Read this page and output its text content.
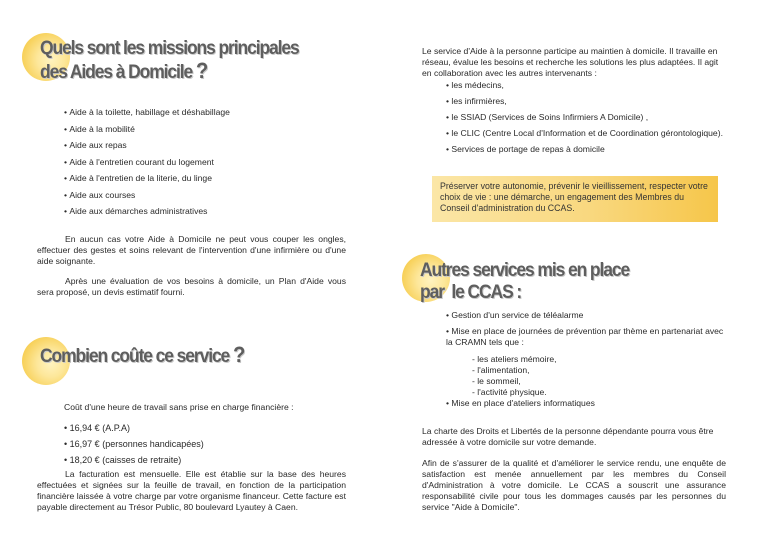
Quels sont les missions principales
des Aides à Domicile ?
• Aide à la toilette, habillage et déshabillage
• Aide à la mobilité
• Aide aux repas
• Aide à l'entretien courant du logement
• Aide à l'entretien de la literie, du linge
• Aide aux courses
• Aide aux démarches administratives

En aucun cas votre Aide à Domicile ne peut vous couper les ongles, effectuer des gestes et soins relevant de l'intervention d'une infirmière ou d'une aide soignante.

Après une évaluation de vos besoins à domicile, un Plan d'Aide vous sera proposé, un devis estimatif fourni.

Combien coûte ce service ?

Coût d'une heure de travail sans prise en charge financière :

• 16,94 € (A.P.A)
• 16,97 € (personnes handicapées)
• 18,20 € (caisses de retraite)

La facturation est mensuelle. Elle est établie sur la base des heures effectuées et signées sur la feuille de travail, en fonction de la participation financière laissée à votre charge par votre organisme financeur. Cette facture est payable directement au Trésor Public, 80 boulevard Lyautey à Caen.

Le service d'Aide à la personne participe au maintien à domicile. Il travaille en réseau, évalue les besoins et recherche les solutions les plus adaptées. Il agit en collaboration avec les autres intervenants :

• les médecins,
• les infirmières,
• le SSIAD (Services de Soins Infirmiers A Domicile) ,
• le CLIC (Centre Local d'Information et de Coordination gérontologique).
• Services de portage de repas à domicile
Préserver votre autonomie, prévenir le vieillissement, respecter votre choix de vie : une démarche, un engagement des Membres du Conseil d'administration du CCAS.
Autres services mis en place
par  le CCAS :
• Gestion d'un service de téléalarme
• Mise en place de journées de prévention par thème en partenariat avec la CRAMN tels que :
- les ateliers mémoire,
- l'alimentation,
- le sommeil,
- l'activité physique.
• Mise en place d'ateliers informatiques

La charte des Droits et Libertés de la personne dépendante pourra vous être adressée à votre domicile sur votre demande.

Afin de s'assurer de la qualité et d'améliorer le service rendu, une enquête de satisfaction est menée annuellement par les membres du Conseil d'Administration à votre domicile. Le CCAS a souscrit une assurance responsabilité civile pour tous les dommages causés par les personnes du service "Aide à Domicile".
